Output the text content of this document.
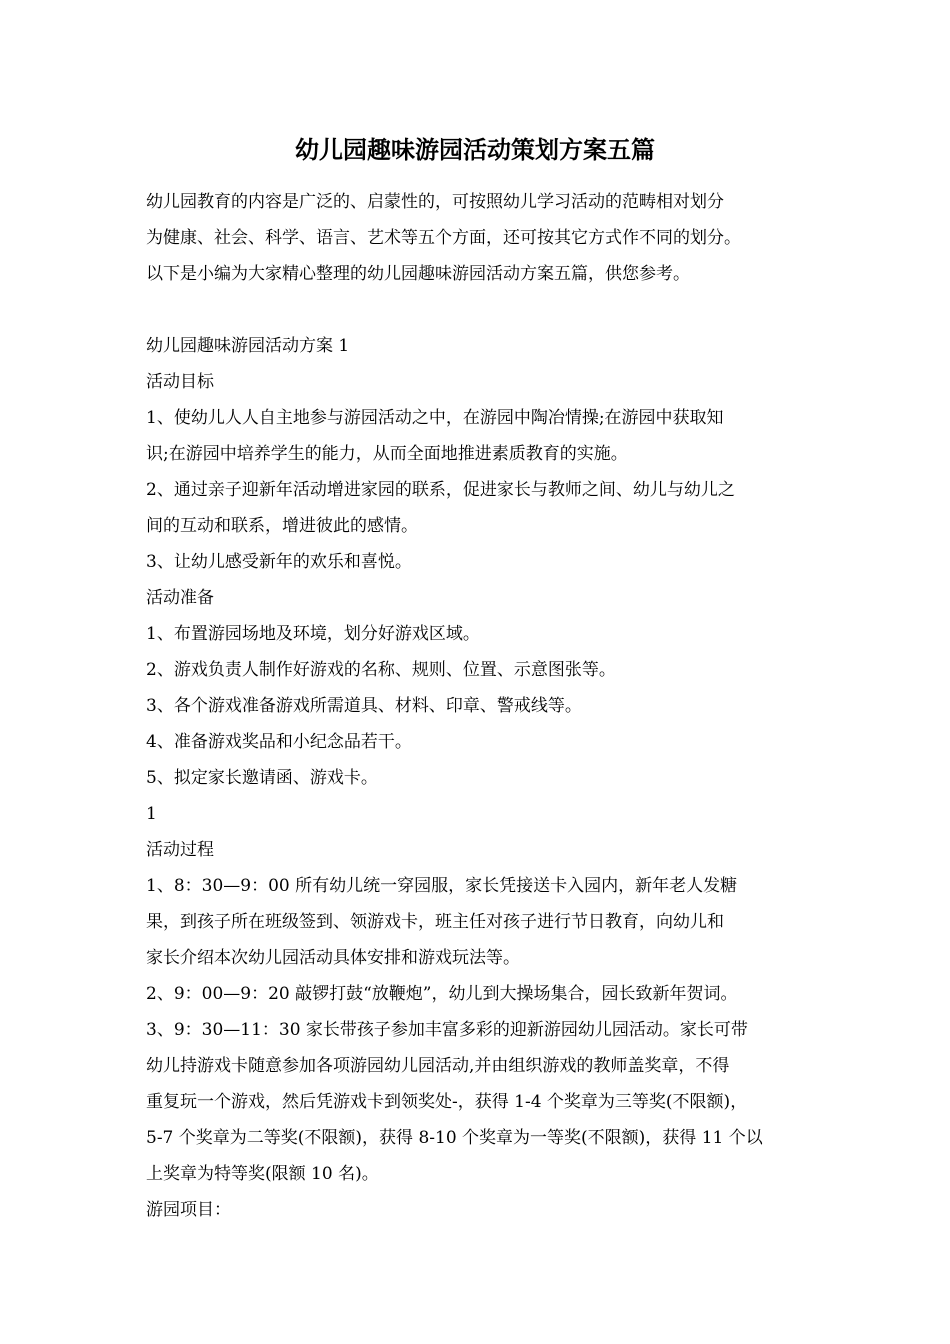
幼儿园趣味游园活动策划方案五篇
幼儿园教育的内容是广泛的、启蒙性的，可按照幼儿学习活动的范畴相对划分
为健康、社会、科学、语言、艺术等五个方面，还可按其它方式作不同的划分。
以下是小编为大家精心整理的幼儿园趣味游园活动方案五篇，供您参考。
幼儿园趣味游园活动方案 1
活动目标
1、使幼儿人人自主地参与游园活动之中，在游园中陶冶情操;在游园中获取知
识;在游园中培养学生的能力，从而全面地推进素质教育的实施。
2、通过亲子迎新年活动增进家园的联系，促进家长与教师之间、幼儿与幼儿之
间的互动和联系，增进彼此的感情。
3、让幼儿感受新年的欢乐和喜悦。
活动准备
1、布置游园场地及环境，划分好游戏区域。
2、游戏负责人制作好游戏的名称、规则、位置、示意图张等。
3、各个游戏准备游戏所需道具、材料、印章、警戒线等。
4、准备游戏奖品和小纪念品若干。
5、拟定家长邀请函、游戏卡。
1
活动过程
1、8：30—9：00 所有幼儿统一穿园服，家长凭接送卡入园内，新年老人发糖
果，到孩子所在班级签到、领游戏卡，班主任对孩子进行节日教育，向幼儿和
家长介绍本次幼儿园活动具体安排和游戏玩法等。
2、9：00—9：20 敲锣打鼓“放鞭炮”，幼儿到大操场集合，园长致新年贺词。
3、9：30—11：30 家长带孩子参加丰富多彩的迎新游园幼儿园活动。家长可带
幼儿持游戏卡随意参加各项游园幼儿园活动,并由组织游戏的教师盖奖章，不得
重复玩一个游戏，然后凭游戏卡到领奖处-，获得 1-4 个奖章为三等奖(不限额)，
5-7 个奖章为二等奖(不限额)，获得 8-10 个奖章为一等奖(不限额)，获得 11 个以
上奖章为特等奖(限额 10 名)。
游园项目：
